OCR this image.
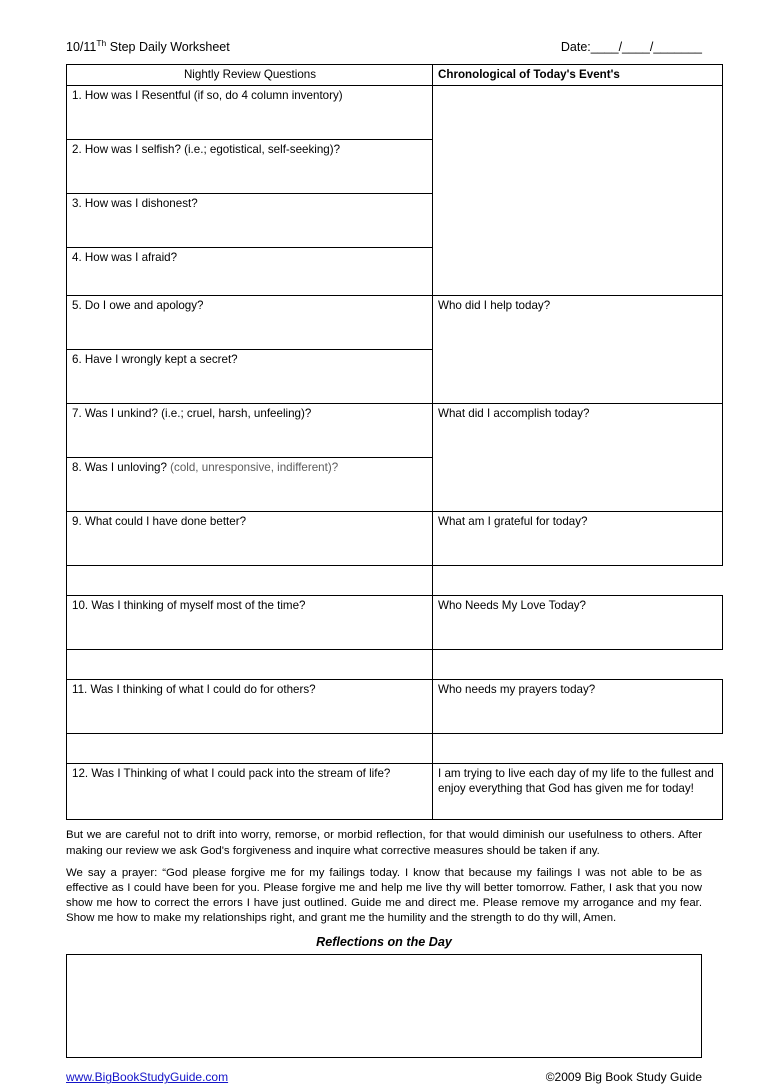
10/11Th Step Daily Worksheet	Date:____/____/_______
Nightly Review Questions	Chronological of Today's Event's
1. How was I Resentful (if so, do 4 column inventory)	
2. How was I selfish? (i.e.; egotistical, self-seeking)?	
3. How was I dishonest?	
4. How was I afraid?	
5. Do I owe and apology?	Who did I help today?
6. Have I wrongly kept a secret?	
7. Was I unkind? (i.e.; cruel, harsh, unfeeling)?	What did I accomplish today?
8. Was I unloving? (cold, unresponsive, indifferent)?	
9. What could I have done better?	What am I grateful for today?

10. Was I thinking of myself most of the time?	Who Needs My Love Today?

11. Was I thinking of what I could do for others?	Who needs my prayers today?

12. Was I Thinking of what I could pack into the stream of life?	I am trying to live each day of my life to the fullest and enjoy everything that God has given me for today!
But we are careful not to drift into worry, remorse, or morbid reflection, for that would diminish our usefulness to others. After making our review we ask God's forgiveness and inquire what corrective measures should be taken if any.
We say a prayer: “God please forgive me for my failings today. I know that because my failings I was not able to be as effective as I could have been for you. Please forgive me and help me live thy will better tomorrow. Father, I ask that you now show me how to correct the errors I have just outlined. Guide me and direct me. Please remove my arrogance and my fear. Show me how to make my relationships right, and grant me the humility and the strength to do thy will, Amen.
Reflections on the Day
www.BigBookStudyGuide.com	©2009 Big Book Study Guide
